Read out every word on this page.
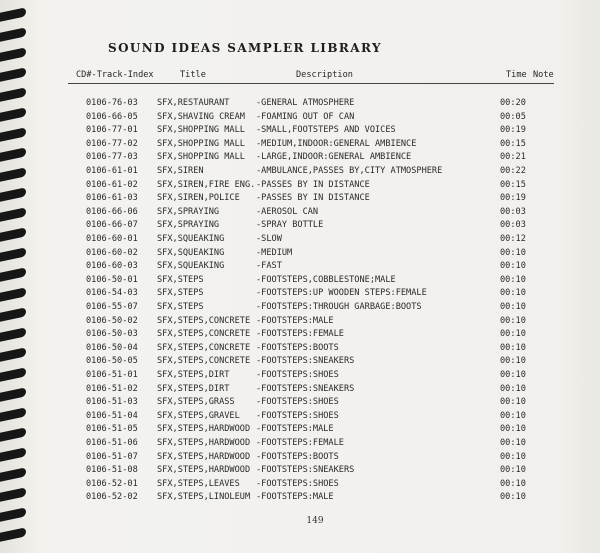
SOUND IDEAS SAMPLER LIBRARY
CD#-Track-Index	Title	Description	Time Note
0106-76-03 SFX,RESTAURANT	-GENERAL ATMOSPHERE	00:20
0106-66-05 SFX,SHAVING CREAM -FOAMING OUT OF CAN	00:05
0106-77-01 SFX,SHOPPING MALL -SMALL,FOOTSTEPS AND VOICES	00:19
0106-77-02 SFX,SHOPPING MALL -MEDIUM,INDOOR:GENERAL AMBIENCE	00:15
0106-77-03 SFX,SHOPPING MALL -LARGE,INDOOR:GENERAL AMBIENCE	00:21
0106-61-01 SFX,SIREN	-AMBULANCE,PASSES BY,CITY ATMOSPHERE	00:22
0106-61-02 SFX,SIREN,FIRE ENG. -PASSES BY IN DISTANCE	00:15
0106-61-03 SFX,SIREN,POLICE -PASSES BY IN DISTANCE	00:19
0106-66-06 SFX,SPRAYING	-AEROSOL CAN	00:03
0106-66-07 SFX,SPRAYING	-SPRAY BOTTLE	00:03
0106-60-01 SFX,SQUEAKING	-SLOW	00:12
0106-60-02 SFX,SQUEAKING	-MEDIUM	00:10
0106-60-03 SFX,SQUEAKING	-FAST	00:10
0106-50-01 SFX,STEPS	-FOOTSTEPS,COBBLESTONE;MALE	00:10
0106-54-03 SFX,STEPS	-FOOTSTEPS:UP WOODEN STEPS:FEMALE	00:10
0106-55-07 SFX,STEPS	-FOOTSTEPS:THROUGH GARBAGE:BOOTS	00:10
0106-50-02 SFX,STEPS,CONCRETE -FOOTSTEPS:MALE	00:10
0106-50-03 SFX,STEPS,CONCRETE -FOOTSTEPS:FEMALE	00:10
0106-50-04 SFX,STEPS,CONCRETE -FOOTSTEPS:BOOTS	00:10
0106-50-05 SFX,STEPS,CONCRETE -FOOTSTEPS:SNEAKERS	00:10
0106-51-01 SFX,STEPS,DIRT	-FOOTSTEPS:SHOES	00:10
0106-51-02 SFX,STEPS,DIRT	-FOOTSTEPS:SNEAKERS	00:10
0106-51-03 SFX,STEPS,GRASS -FOOTSTEPS:SHOES	00:10
0106-51-04 SFX,STEPS,GRAVEL -FOOTSTEPS:SHOES	00:10
0106-51-05 SFX,STEPS,HARDWOOD -FOOTSTEPS:MALE	00:10
0106-51-06 SFX,STEPS,HARDWOOD -FOOTSTEPS:FEMALE	00:10
0106-51-07 SFX,STEPS,HARDWOOD -FOOTSTEPS:BOOTS	00:10
0106-51-08 SFX,STEPS,HARDWOOD -FOOTSTEPS:SNEAKERS	00:10
0106-52-01 SFX,STEPS,LEAVES -FOOTSTEPS:SHOES	00:10
0106-52-02 SFX,STEPS,LINOLEUM -FOOTSTEPS:MALE	00:10
149
